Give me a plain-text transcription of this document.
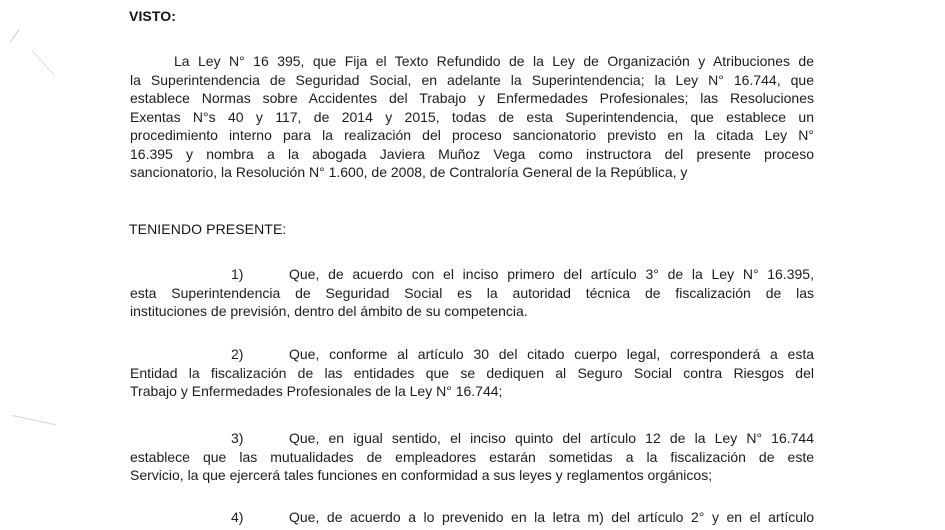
VISTO:
La Ley N° 16 395, que Fija el Texto Refundido de la Ley de Organización y Atribuciones de
la Superintendencia de Seguridad Social, en adelante la Superintendencia; la Ley N° 16.744, que
establece Normas sobre Accidentes del Trabajo y Enfermedades Profesionales; las Resoluciones
Exentas N°s 40 y 117, de 2014 y 2015, todas de esta Superintendencia, que establece un
procedimiento interno para la realización del proceso sancionatorio previsto en la citada Ley N°
16.395 y nombra a la abogada Javiera Muñoz Vega como instructora del presente proceso
sancionatorio, la Resolución N° 1.600, de 2008, de Contraloría General de la República, y
TENIENDO PRESENTE:
1)	Que, de acuerdo con el inciso primero del artículo 3° de la Ley N° 16.395,
esta Superintendencia de Seguridad Social es la autoridad técnica de fiscalización de las
instituciones de previsión, dentro del ámbito de su competencia.
2)	Que, conforme al artículo 30 del citado cuerpo legal, corresponderá a esta
Entidad la fiscalización de las entidades que se dediquen al Seguro Social contra Riesgos del
Trabajo y Enfermedades Profesionales de la Ley N° 16.744;
3)	Que, en igual sentido, el inciso quinto del artículo 12 de la Ley N° 16.744
establece que las mutualidades de empleadores estarán sometidas a la fiscalización de este
Servicio, la que ejercerá tales funciones en conformidad a sus leyes y reglamentos orgánicos;
4)	Que, de acuerdo a lo prevenido en la letra m) del artículo 2° y en el artículo
